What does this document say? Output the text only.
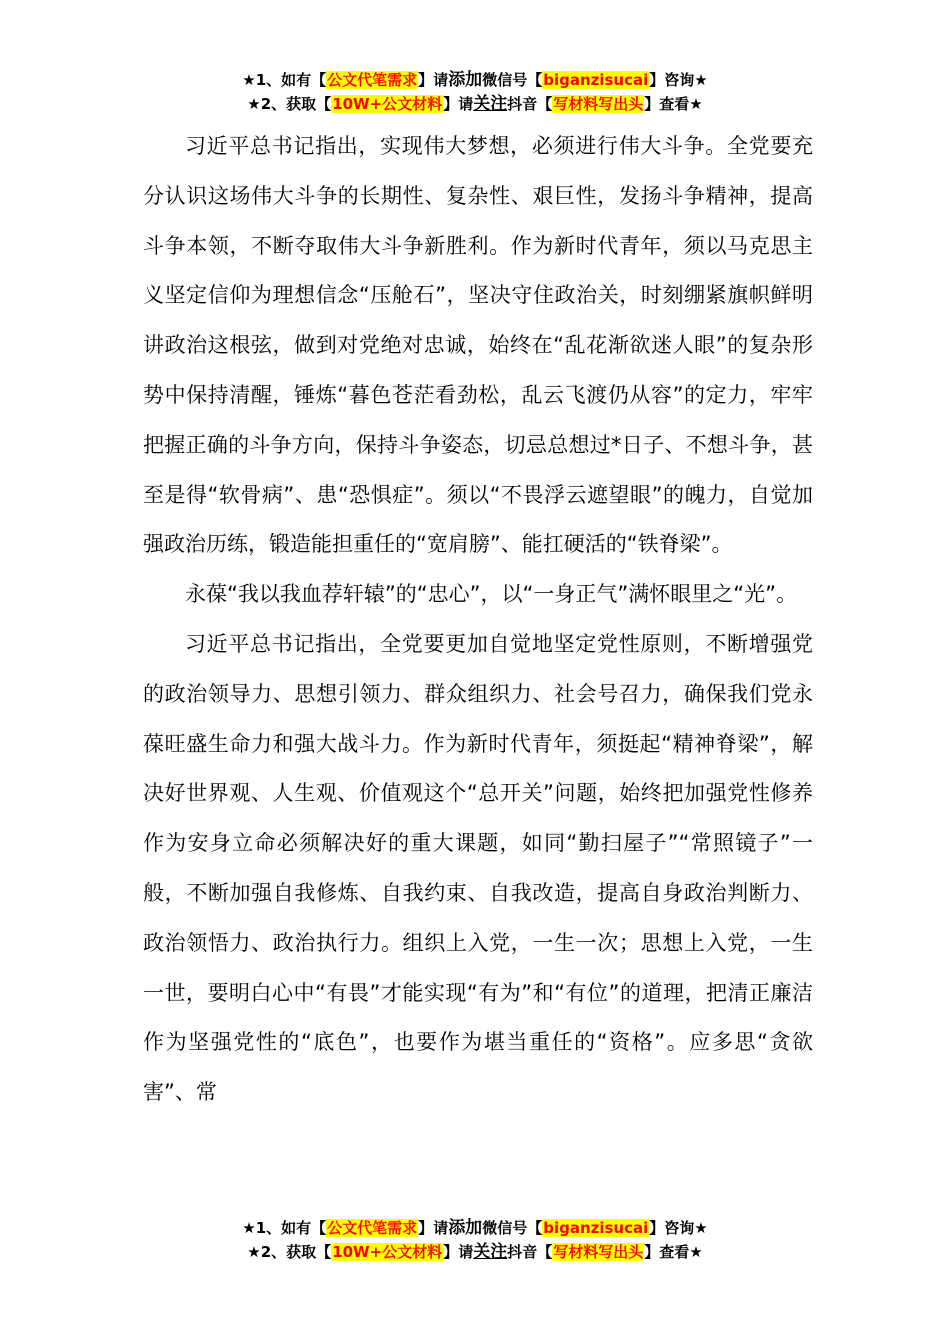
★1、如有【公文代笔需求】请添加微信号【biganzisucai】咨询★
★2、获取【10W+公文材料】请关注抖音【写材料写出头】查看★

习近平总书记指出，实现伟大梦想，必须进行伟大斗争。全党要充分认识这场伟大斗争的长期性、复杂性、艰巨性，发扬斗争精神，提高斗争本领，不断夺取伟大斗争新胜利。作为新时代青年，须以马克思主义坚定信仰为理想信念“压舱石”，坚决守住政治关，时刻绷紧旗帜鲜明讲政治这根弦，做到对党绝对忠诚，始终在“乱花渐欲迷人眼”的复杂形势中保持清醒，锤炼“暮色苍茫看劲松，乱云飞渡仍从容”的定力，牢牢把握正确的斗争方向，保持斗争姿态，切忌总想过*日子、不想斗争，甚至是得“软骨病”、患“恐惧症”。须以“不畏浮云遮望眼”的魄力，自觉加强政治历练，锻造能担重任的“宽肩膀”、能扛硬活的“铁脊梁”。

永葆“我以我血荐轩辕”的“忠心”，以“一身正气”满怀眼里之“光”。

习近平总书记指出，全党要更加自觉地坚定党性原则，不断增强党的政治领导力、思想引领力、群众组织力、社会号召力，确保我们党永葆旺盛生命力和强大战斗力。作为新时代青年，须挺起“精神脊梁”，解决好世界观、人生观、价值观这个“总开关”问题，始终把加强党性修养作为安身立命必须解决好的重大课题，如同“勤扫屋子”“常照镜子”一般，不断加强自我修炼、自我约束、自我改造，提高自身政治判断力、政治领悟力、政治执行力。组织上入党，一生一次；思想上入党，一生一世，要明白心中“有畏”才能实现“有为”和“有位”的道理，把清正廉洁作为坚强党性的“底色”，也要作为堪当重任的“资格”。应多思“贪欲害”、常

★1、如有【公文代笔需求】请添加微信号【biganzisucai】咨询★
★2、获取【10W+公文材料】请关注抖音【写材料写出头】查看★
